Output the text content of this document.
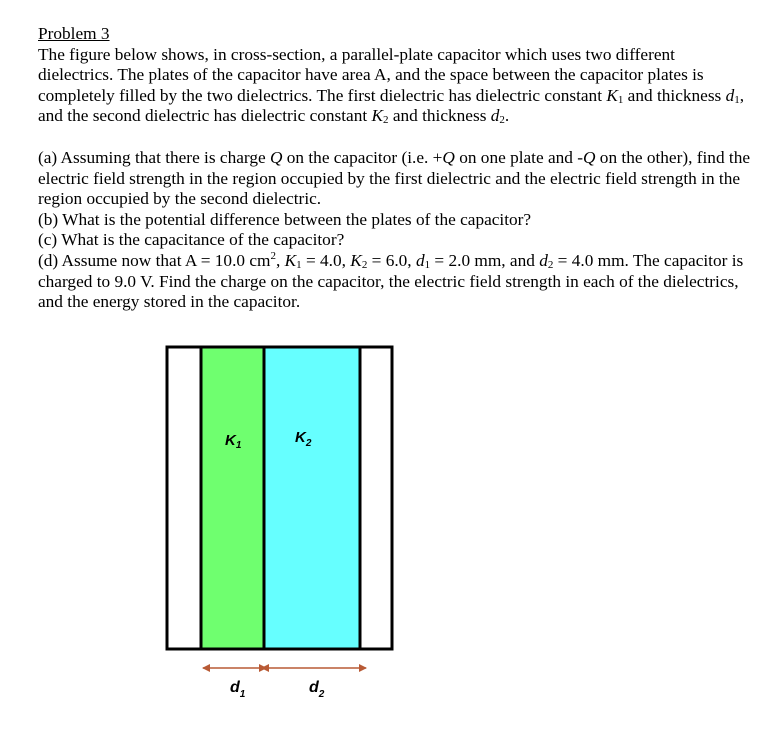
Problem 3

The figure below shows, in cross-section, a parallel-plate capacitor which uses two different dielectrics. The plates of the capacitor have area A, and the space between the capacitor plates is completely filled by the two dielectrics. The first dielectric has dielectric constant $K_1$ and thickness $d_1$, and the second dielectric has dielectric constant $K_2$ and thickness $d_2$.

(a) Assuming that there is charge Q on the capacitor (i.e. +Q on one plate and -Q on the other), find the electric field strength in the region occupied by the first dielectric and the electric field strength in the region occupied by the second dielectric.

(b) What is the potential difference between the plates of the capacitor?

(c) What is the capacitance of the capacitor?

(d) Assume now that A = 10.0 $cm^2$, $K_1 = 4.0$, $K_2 = 6.0$, $d_1 = 2.0$ mm, and $d_2 = 4.0$ mm. The capacitor is charged to 9.0 V. Find the charge on the capacitor, the electric field strength in each of the dielectrics, and the energy stored in the capacitor.

$K_1$	$K_2$
$d_1$	$d_2$
